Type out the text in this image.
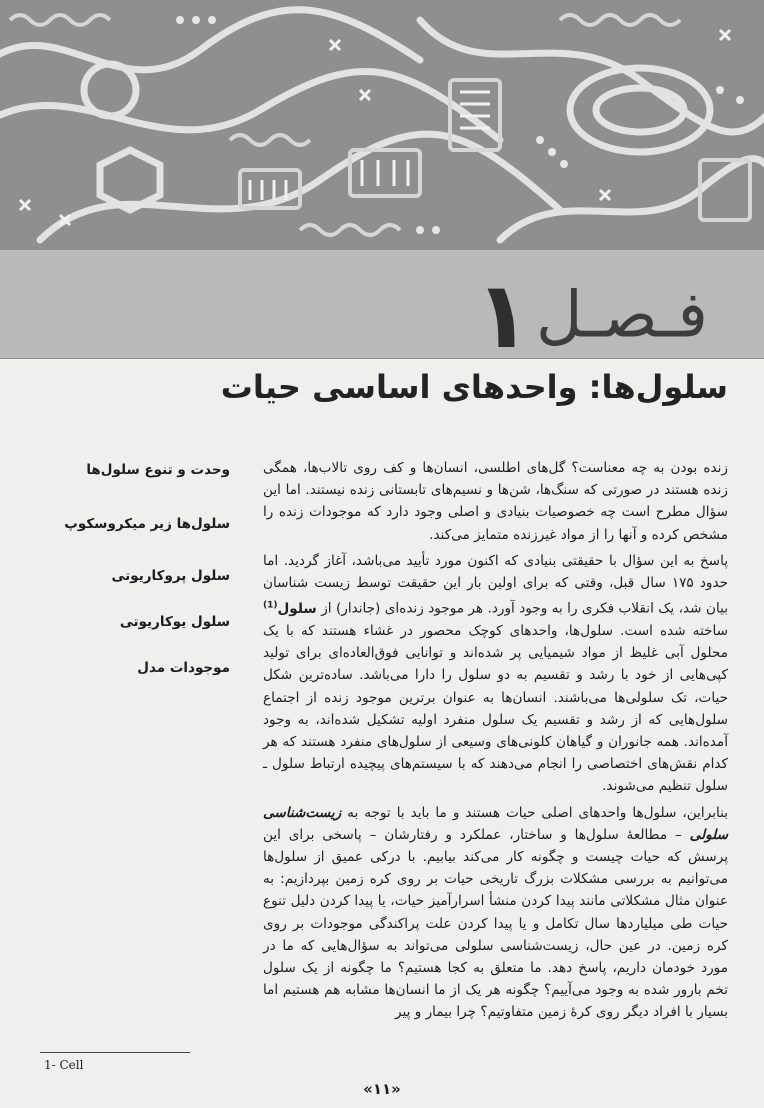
فـصـل ۱
سلول‌ها: واحدهای اساسی حیات
وحدت و تنوع سلول‌ها
سلول‌ها زیر میکروسکوپ
سلول پروکاریوتی
سلول یوکاریوتی
موجودات مدل

زنده بودن به چه معناست؟ گل‌های اطلسی، انسان‌ها و کف روی تالاب‌ها، همگی زنده هستند در صورتی که سنگ‌ها، شن‌ها و نسیم‌های تابستانی زنده نیستند. اما این سؤال مطرح است چه خصوصیات بنیادی و اصلی وجود دارد که موجودات زنده را مشخص کرده و آنها را از مواد غیرزنده متمایز می‌کند.

پاسخ به این سؤال با حقیقتی بنیادی که اکنون مورد تأیید می‌باشد، آغاز گردید. اما حدود ۱۷۵ سال قبل، وقتی که برای اولین بار این حقیقت توسط زیست شناسان بیان شد، یک انقلاب فکری را به وجود آورد. هر موجود زنده‌ای (جاندار) از سلول$^{(1)}$ ساخته شده است. سلول‌ها، واحدهای کوچک محصور در غشاء هستند که با یک محلول آبی غلیظ از مواد شیمیایی پر شده‌اند و توانایی فوق‌العاده‌ای برای تولید کپی‌هایی از خود با رشد و تقسیم به دو سلول را دارا می‌باشد. ساده‌ترین شکل حیات، تک سلولی‌ها می‌باشند. انسان‌ها به عنوان برترین موجود زنده از اجتماع سلول‌هایی که از رشد و تقسیم یک سلول منفرد اولیه تشکیل شده‌اند، به وجود آمده‌اند. همه جانوران و گیاهان کلونی‌های وسیعی از سلول‌های منفرد هستند که هر کدام نقش‌های اختصاصی را انجام می‌دهند که با سیستم‌های پیچیده ارتباط سلول ـ سلول تنظیم می‌شوند.

بنابراین، سلول‌ها واحدهای اصلی حیات هستند و ما باید با توجه به زیست‌شناسی سلولی – مطالعهٔ سلول‌ها و ساختار، عملکرد و رفتارشان – پاسخی برای این پرسش که حیات چیست و چگونه کار می‌کند بیابیم. با درکی عمیق از سلول‌ها می‌توانیم به بررسی مشکلات بزرگ تاریخی حیات بر روی کره زمین بپردازیم: به عنوان مثال مشکلاتی مانند پیدا کردن منشأ اسرارآمیز حیات، یا پیدا کردن دلیل تنوع حیات طی میلیاردها سال تکامل و یا پیدا کردن علت پراکندگی موجودات بر روی کره زمین. در عین حال، زیست‌شناسی سلولی می‌تواند به سؤال‌هایی که ما در مورد خودمان داریم، پاسخ دهد. ما متعلق به کجا هستیم؟ ما چگونه از یک سلول تخم بارور شده به وجود می‌آییم؟ چگونه هر یک از ما انسان‌ها مشابه هم هستیم اما بسیار با افراد دیگر روی کرهٔ زمین متفاوتیم؟ چرا بیمار و پیر

1- Cell
«۱۱»
